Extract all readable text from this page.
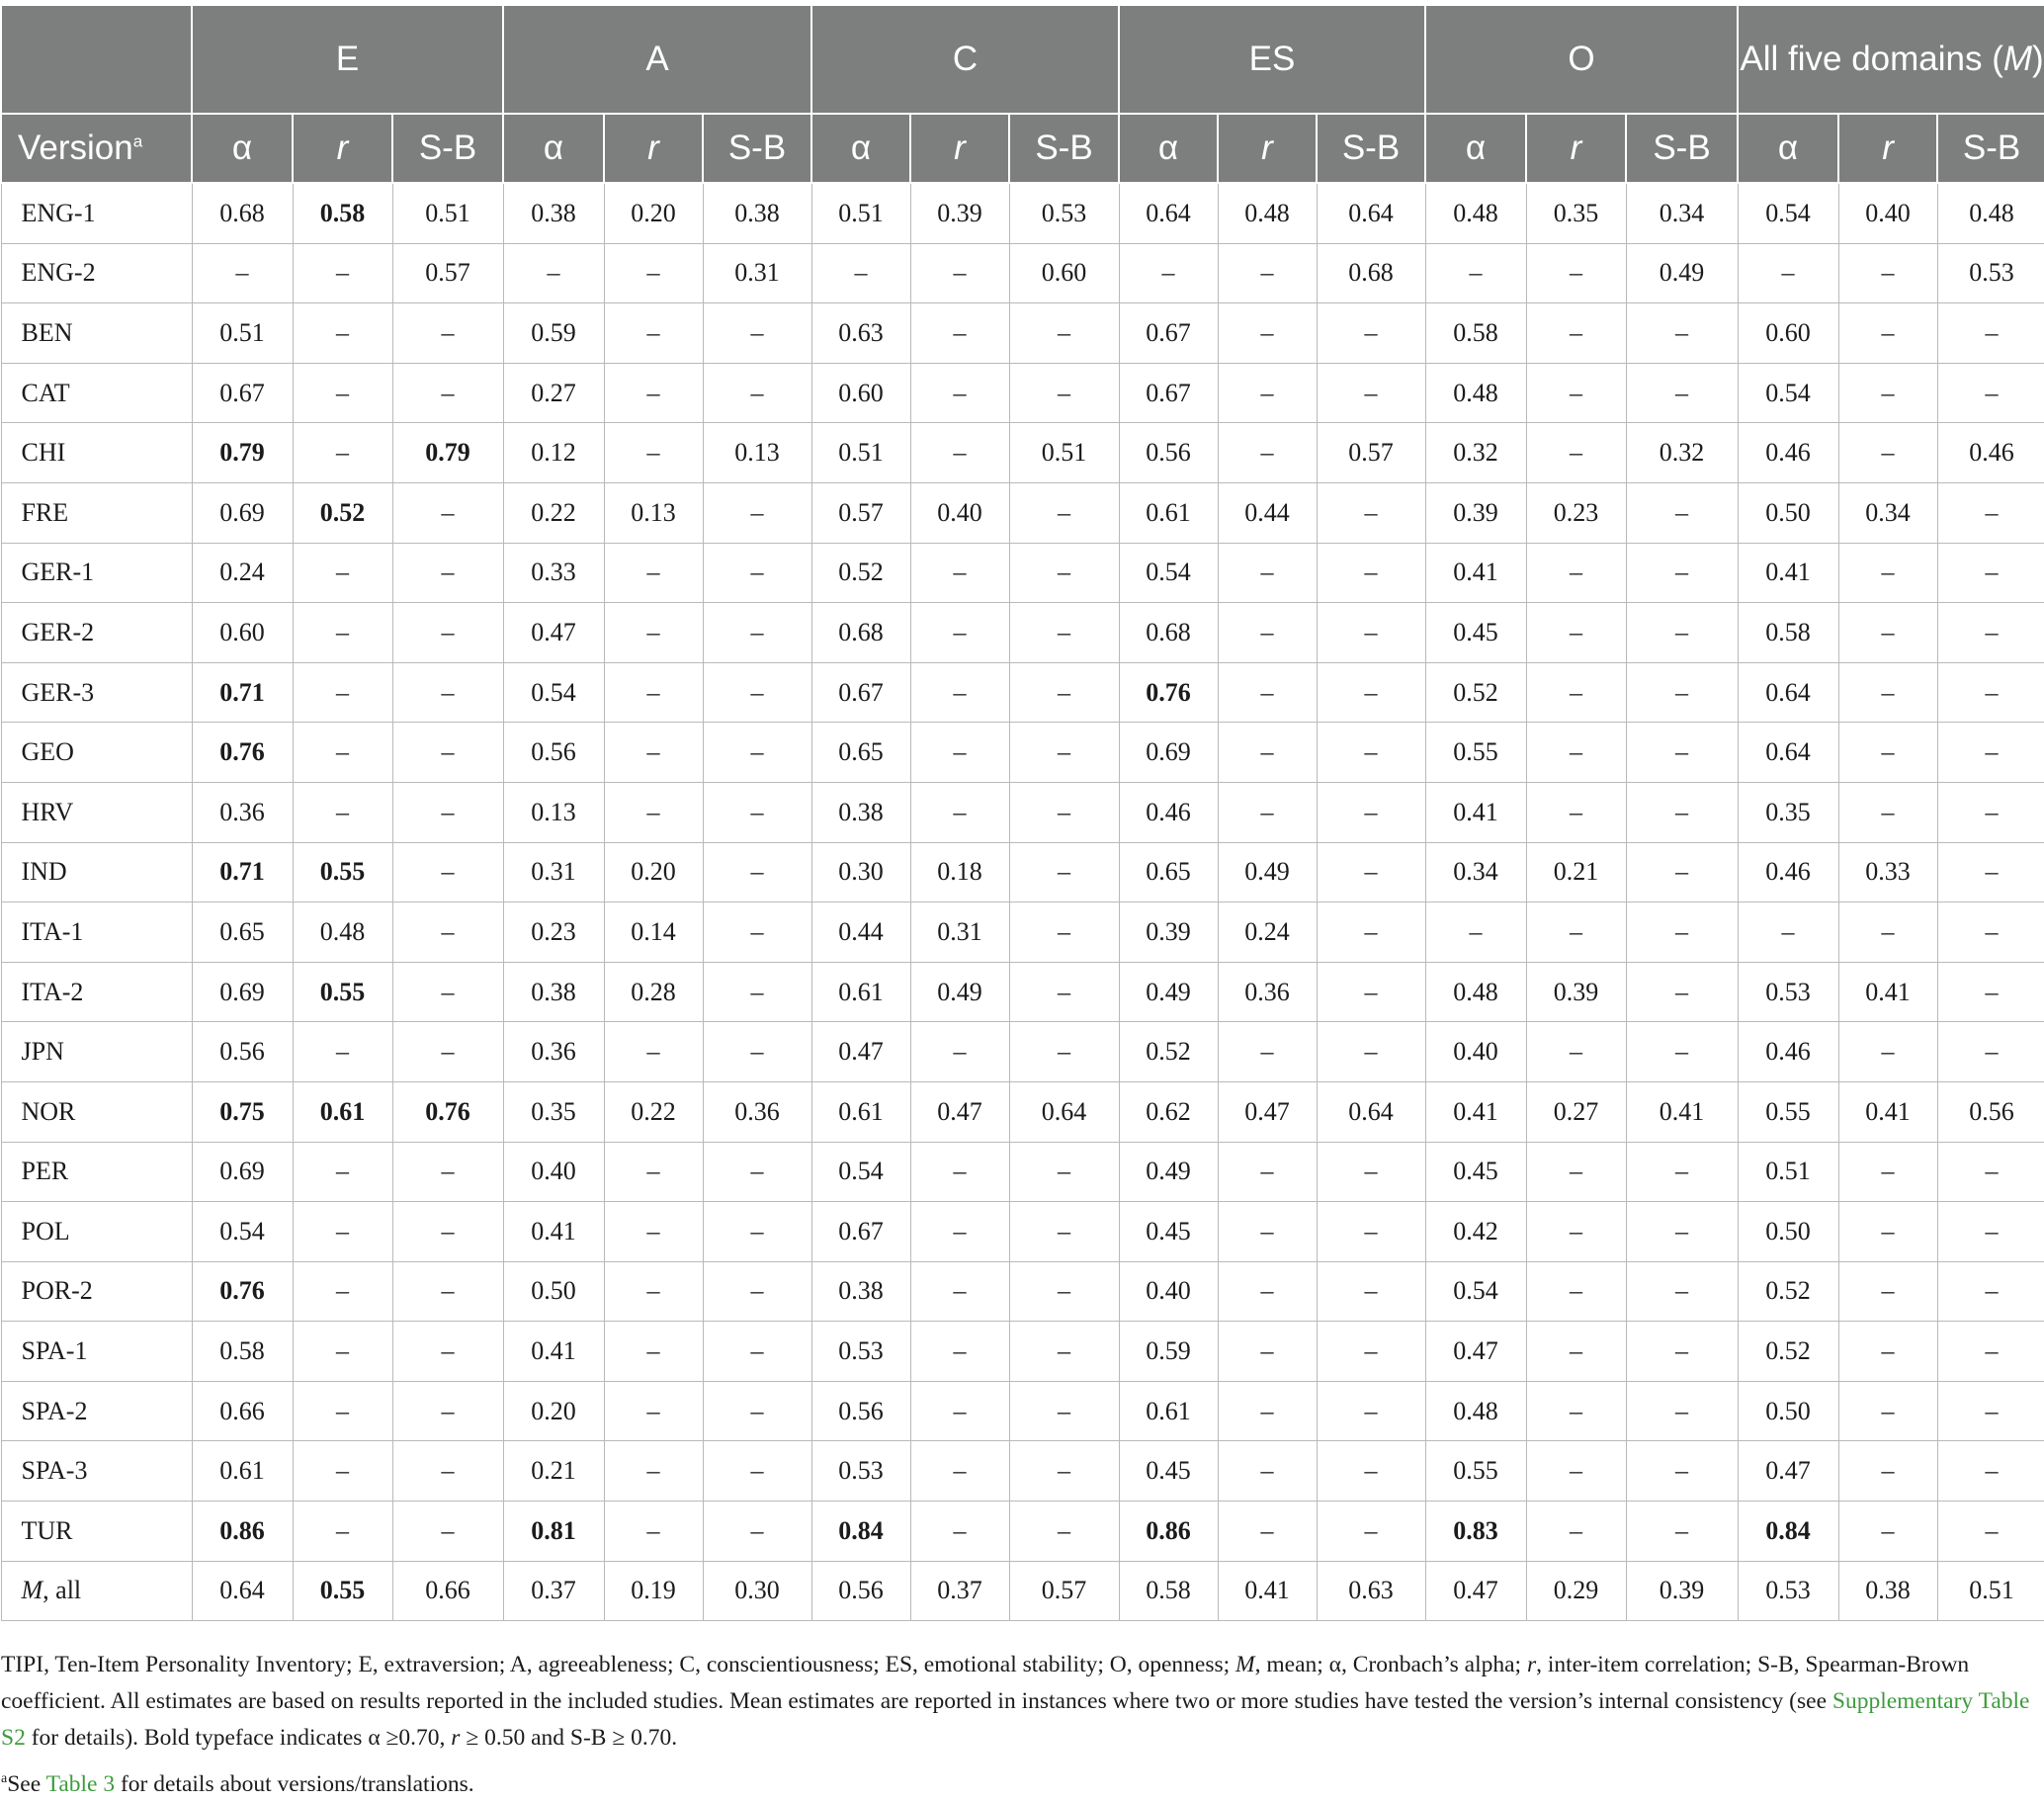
	E			A			C			ES			O			All five domains (M)		
Version$^a$	α	r	S-B	α	r	S-B	α	r	S-B	α	r	S-B	α	r	S-B	α	r	S-B
ENG-1	0.68	0.58	0.51	0.38	0.20	0.38	0.51	0.39	0.53	0.64	0.48	0.64	0.48	0.35	0.34	0.54	0.40	0.48
ENG-2	–	–	0.57	–	–	0.31	–	–	0.60	–	–	0.68	–	–	0.49	–	–	0.53
BEN	0.51	–	–	0.59	–	–	0.63	–	–	0.67	–	–	0.58	–	–	0.60	–	–
CAT	0.67	–	–	0.27	–	–	0.60	–	–	0.67	–	–	0.48	–	–	0.54	–	–
CHI	0.79	–	0.79	0.12	–	0.13	0.51	–	0.51	0.56	–	0.57	0.32	–	0.32	0.46	–	0.46
FRE	0.69	0.52	–	0.22	0.13	–	0.57	0.40	–	0.61	0.44	–	0.39	0.23	–	0.50	0.34	–
GER-1	0.24	–	–	0.33	–	–	0.52	–	–	0.54	–	–	0.41	–	–	0.41	–	–
GER-2	0.60	–	–	0.47	–	–	0.68	–	–	0.68	–	–	0.45	–	–	0.58	–	–
GER-3	0.71	–	–	0.54	–	–	0.67	–	–	0.76	–	–	0.52	–	–	0.64	–	–
GEO	0.76	–	–	0.56	–	–	0.65	–	–	0.69	–	–	0.55	–	–	0.64	–	–
HRV	0.36	–	–	0.13	–	–	0.38	–	–	0.46	–	–	0.41	–	–	0.35	–	–
IND	0.71	0.55	–	0.31	0.20	–	0.30	0.18	–	0.65	0.49	–	0.34	0.21	–	0.46	0.33	–
ITA-1	0.65	0.48	–	0.23	0.14	–	0.44	0.31	–	0.39	0.24	–	–	–	–	–	–	–
ITA-2	0.69	0.55	–	0.38	0.28	–	0.61	0.49	–	0.49	0.36	–	0.48	0.39	–	0.53	0.41	–
JPN	0.56	–	–	0.36	–	–	0.47	–	–	0.52	–	–	0.40	–	–	0.46	–	–
NOR	0.75	0.61	0.76	0.35	0.22	0.36	0.61	0.47	0.64	0.62	0.47	0.64	0.41	0.27	0.41	0.55	0.41	0.56
PER	0.69	–	–	0.40	–	–	0.54	–	–	0.49	–	–	0.45	–	–	0.51	–	–
POL	0.54	–	–	0.41	–	–	0.67	–	–	0.45	–	–	0.42	–	–	0.50	–	–
POR-2	0.76	–	–	0.50	–	–	0.38	–	–	0.40	–	–	0.54	–	–	0.52	–	–
SPA-1	0.58	–	–	0.41	–	–	0.53	–	–	0.59	–	–	0.47	–	–	0.52	–	–
SPA-2	0.66	–	–	0.20	–	–	0.56	–	–	0.61	–	–	0.48	–	–	0.50	–	–
SPA-3	0.61	–	–	0.21	–	–	0.53	–	–	0.45	–	–	0.55	–	–	0.47	–	–
TUR	0.86	–	–	0.81	–	–	0.84	–	–	0.86	–	–	0.83	–	–	0.84	–	–
M, all	0.64	0.55	0.66	0.37	0.19	0.30	0.56	0.37	0.57	0.58	0.41	0.63	0.47	0.29	0.39	0.53	0.38	0.51

TIPI, Ten-Item Personality Inventory; E, extraversion; A, agreeableness; C, conscientiousness; ES, emotional stability; O, openness; M, mean; α, Cronbach’s alpha; r, inter-item correlation; S-B, Spearman-Brown coefficient. All estimates are based on results reported in the included studies. Mean estimates are reported in instances where two or more studies have tested the version’s internal consistency (see Supplementary Table S2 for details). Bold typeface indicates α ≥0.70, r ≥ 0.50 and S-B ≥ 0.70.

$^a$See Table 3 for details about versions/translations.
